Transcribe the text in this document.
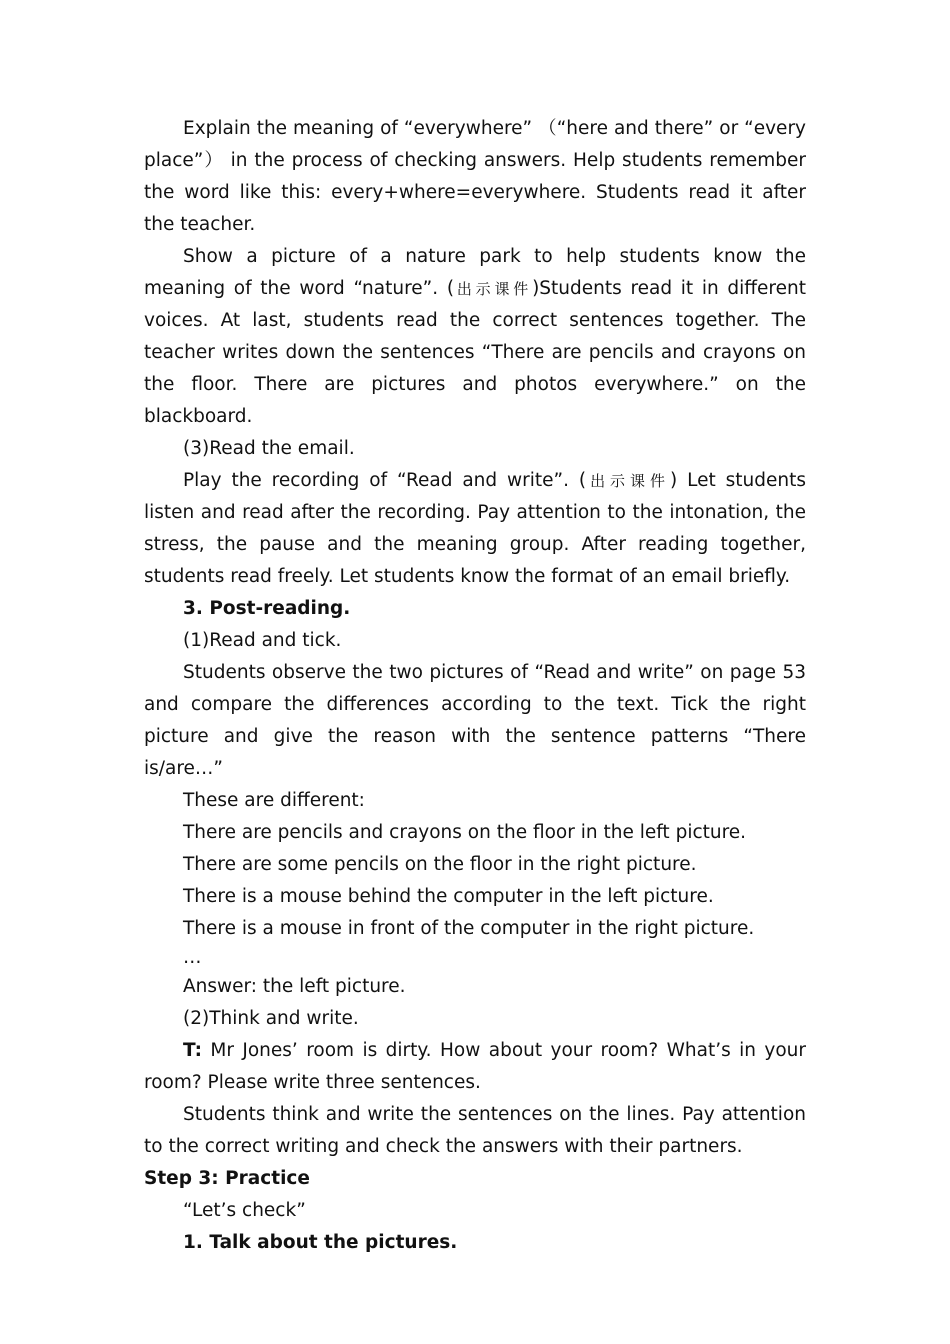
Explain the meaning of “everywhere” （“here and there” or “every place”） in the process of checking answers. Help students remember the word like this: every+where=everywhere. Students read it after the teacher.

Show a picture of a nature park to help students know the meaning of the word “nature”. (出示课件)Students read it in different voices. At last, students read the correct sentences together. The teacher writes down the sentences “There are pencils and crayons on the floor. There are pictures and photos everywhere.” on the blackboard.

(3)Read the email.

Play the recording of “Read and write”. (出示课件) Let students listen and read after the recording. Pay attention to the intonation, the stress, the pause and the meaning group. After reading together, students read freely. Let students know the format of an email briefly.

3. Post-reading.

(1)Read and tick.

Students observe the two pictures of “Read and write” on page 53 and compare the differences according to the text. Tick the right picture and give the reason with the sentence patterns “There is/are…”

These are different:

There are pencils and crayons on the floor in the left picture.

There are some pencils on the floor in the right picture.

There is a mouse behind the computer in the left picture.

There is a mouse in front of the computer in the right picture.

…

Answer: the left picture.

(2)Think and write.

T: Mr Jones’ room is dirty. How about your room? What’s in your room? Please write three sentences.

Students think and write the sentences on the lines. Pay attention to the correct writing and check the answers with their partners.

Step 3: Practice

“Let’s check”

1. Talk about the pictures.
